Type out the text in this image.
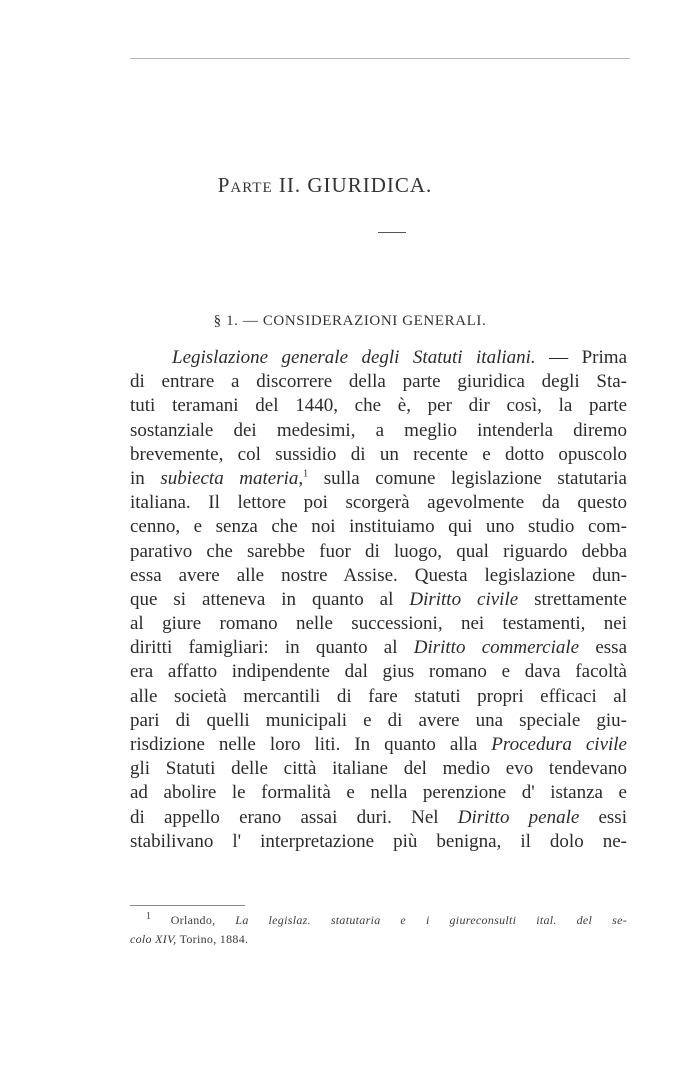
Parte II. GIURIDICA.
§ 1. — CONSIDERAZIONI GENERALI.
Legislazione generale degli Statuti italiani. — Prima
di entrare a discorrere della parte giuridica degli Sta-
tuti teramani del 1440, che è, per dir così, la parte
sostanziale dei medesimi, a meglio intenderla diremo
brevemente, col sussidio di un recente e dotto opuscolo
in subiecta materia,$^1$ sulla comune legislazione statutaria
italiana. Il lettore poi scorgerà agevolmente da questo
cenno, e senza che noi instituiamo qui uno studio com-
parativo che sarebbe fuor di luogo, qual riguardo debba
essa avere alle nostre Assise. Questa legislazione dun-
que si atteneva in quanto al Diritto civile strettamente
al giure romano nelle successioni, nei testamenti, nei
diritti famigliari: in quanto al Diritto commerciale essa
era affatto indipendente dal gius romano e dava facoltà
alle società mercantili di fare statuti propri efficaci al
pari di quelli municipali e di avere una speciale giu-
risdizione nelle loro liti. In quanto alla Procedura civile
gli Statuti delle città italiane del medio evo tendevano
ad abolire le formalità e nella perenzione d' istanza e
di appello erano assai duri. Nel Diritto penale essi
stabilivano l' interpretazione più benigna, il dolo ne-
$^1$ Orlando, La legislaz. statutaria e i giureconsulti ital. del se-
colo XIV, Torino, 1884.
